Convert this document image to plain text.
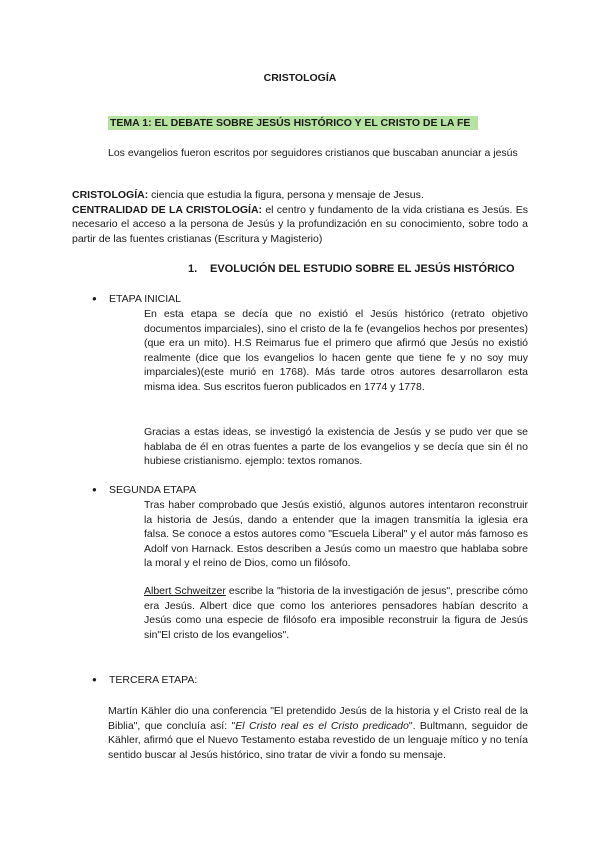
CRISTOLOGÍA
TEMA 1: EL DEBATE SOBRE JESÚS HISTÓRICO Y EL CRISTO DE LA FE

Los evangelios fueron escritos por seguidores cristianos que buscaban anunciar a jesús

CRISTOLOGÍA: ciencia que estudia la figura, persona y mensaje de Jesus.
CENTRALIDAD DE LA CRISTOLOGÍA: el centro y fundamento de la vida cristiana es Jesús. Es necesario el acceso a la persona de Jesús y la profundización en su conocimiento, sobre todo a partir de las fuentes cristianas (Escritura y Magisterio)

1. EVOLUCIÓN DEL ESTUDIO SOBRE EL JESÚS HISTÓRICO
● ETAPA INICIAL

En esta etapa se decía que no existió el Jesús histórico (retrato objetivo documentos imparciales), sino el cristo de la fe (evangelios hechos por presentes)(que era un mito). H.S Reimarus fue el primero que afirmó que Jesús no existió realmente (dice que los evangelios lo hacen gente que tiene fe y no soy muy imparciales)(este murió en 1768). Más tarde otros autores desarrollaron esta misma idea. Sus escritos fueron publicados en 1774 y 1778.

Gracias a estas ideas, se investigó la existencia de Jesús y se pudo ver que se hablaba de él en otras fuentes a parte de los evangelios y se decía que sin él no hubiese cristianismo. ejemplo: textos romanos.

● SEGUNDA ETAPA

Tras haber comprobado que Jesús existió, algunos autores intentaron reconstruir la historia de Jesús, dando a entender que la imagen transmitía la iglesia era falsa. Se conoce a estos autores como "Escuela Liberal" y el autor más famoso es Adolf von Harnack. Estos describen a Jesús como un maestro que hablaba sobre la moral y el reino de Dios, como un filósofo.

Albert Schweitzer escribe la "historia de la investigación de jesus", prescribe cómo era Jesús. Albert dice que como los anteriores pensadores habían descrito a Jesús como una especie de filósofo era imposible reconstruir la figura de Jesús sin"El cristo de los evangelios".

● TERCERA ETAPA:

Martín Kähler dio una conferencia "El pretendido Jesús de la historia y el Cristo real de la Biblia", que concluía así: "El Cristo real es el Cristo predicado". Bultmann, seguidor de Kähler, afirmó que el Nuevo Testamento estaba revestido de un lenguaje mítico y no tenía sentido buscar al Jesús histórico, sino tratar de vivir a fondo su mensaje.
